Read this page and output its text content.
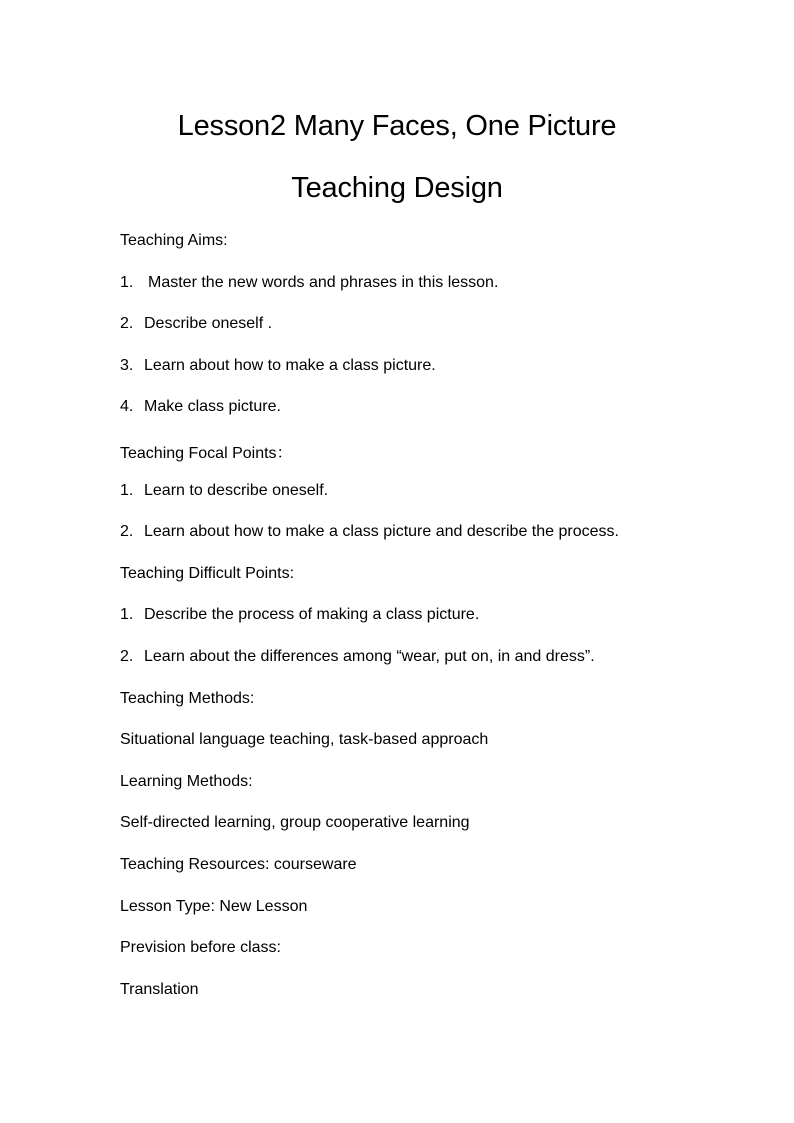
Lesson2 Many Faces, One Picture
Teaching Design
Teaching Aims:
1. Master the new words and phrases in this lesson.
2. Describe oneself .
3. Learn about how to make a class picture.
4. Make class picture.
Teaching Focal Points：
1. Learn to describe oneself.
2. Learn about how to make a class picture and describe the process.
Teaching Difficult Points:
1. Describe the process of making a class picture.
2. Learn about the differences among “wear, put on, in and dress”.
Teaching Methods:
Situational language teaching, task-based approach
Learning Methods:
Self-directed learning, group cooperative learning
Teaching Resources: courseware
Lesson Type: New Lesson
Prevision before class:
Translation
